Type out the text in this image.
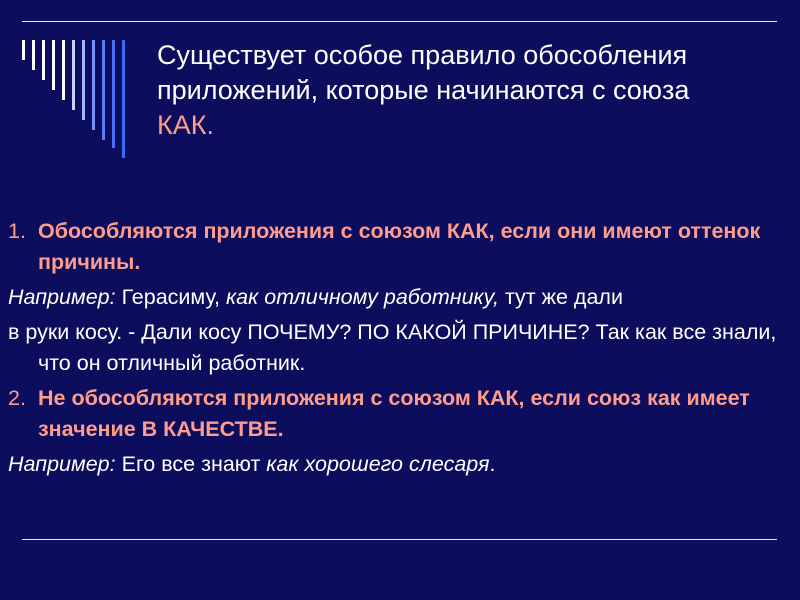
Существует особое правило обособления
приложений, которые начинаются с союза
КАК.

1. Обособляются приложения с союзом КАК, если они имеют оттенок причины.

Например: Герасиму, как отличному работнику, тут же дали

в руки косу. - Дали косу ПОЧЕМУ? ПО КАКОЙ ПРИЧИНЕ? Так как все знали, что он отличный работник.

2. Не обособляются приложения с союзом КАК, если союз как имеет значение В КАЧЕСТВЕ.

Например: Его все знают как хорошего слесаря.
